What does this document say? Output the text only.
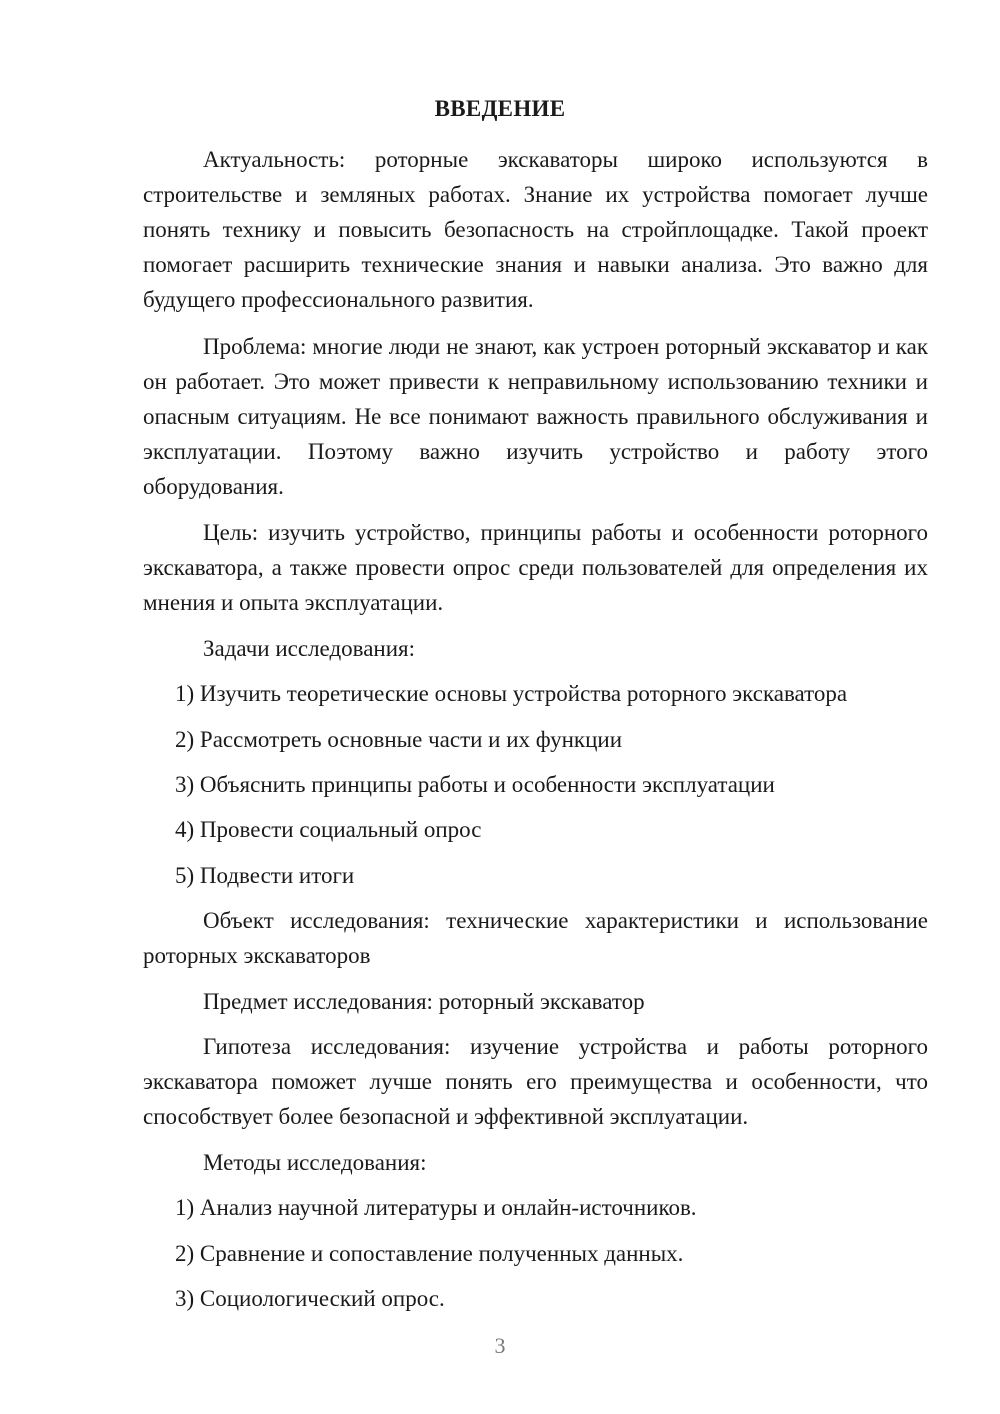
ВВЕДЕНИЕ

Актуальность: роторные экскаваторы широко используются в строительстве и земляных работах. Знание их устройства помогает лучше понять технику и повысить безопасность на стройплощадке. Такой проект помогает расширить технические знания и навыки анализа. Это важно для будущего профессионального развития.

Проблема: многие люди не знают, как устроен роторный экскаватор и как он работает. Это может привести к неправильному использованию техники и опасным ситуациям. Не все понимают важность правильного обслуживания и эксплуатации. Поэтому важно изучить устройство и работу этого оборудования.

Цель: изучить устройство, принципы работы и особенности роторного экскаватора, а также провести опрос среди пользователей для определения их мнения и опыта эксплуатации.

Задачи исследования:

1) Изучить теоретические основы устройства роторного экскаватора

2) Рассмотреть основные части и их функции

3) Объяснить принципы работы и особенности эксплуатации

4) Провести социальный опрос

5) Подвести итоги

Объект исследования: технические характеристики и использование роторных экскаваторов

Предмет исследования: роторный экскаватор

Гипотеза исследования: изучение устройства и работы роторного экскаватора поможет лучше понять его преимущества и особенности, что способствует более безопасной и эффективной эксплуатации.

Методы исследования:

1) Анализ научной литературы и онлайн-источников.

2) Сравнение и сопоставление полученных данных.

3) Социологический опрос.

3
